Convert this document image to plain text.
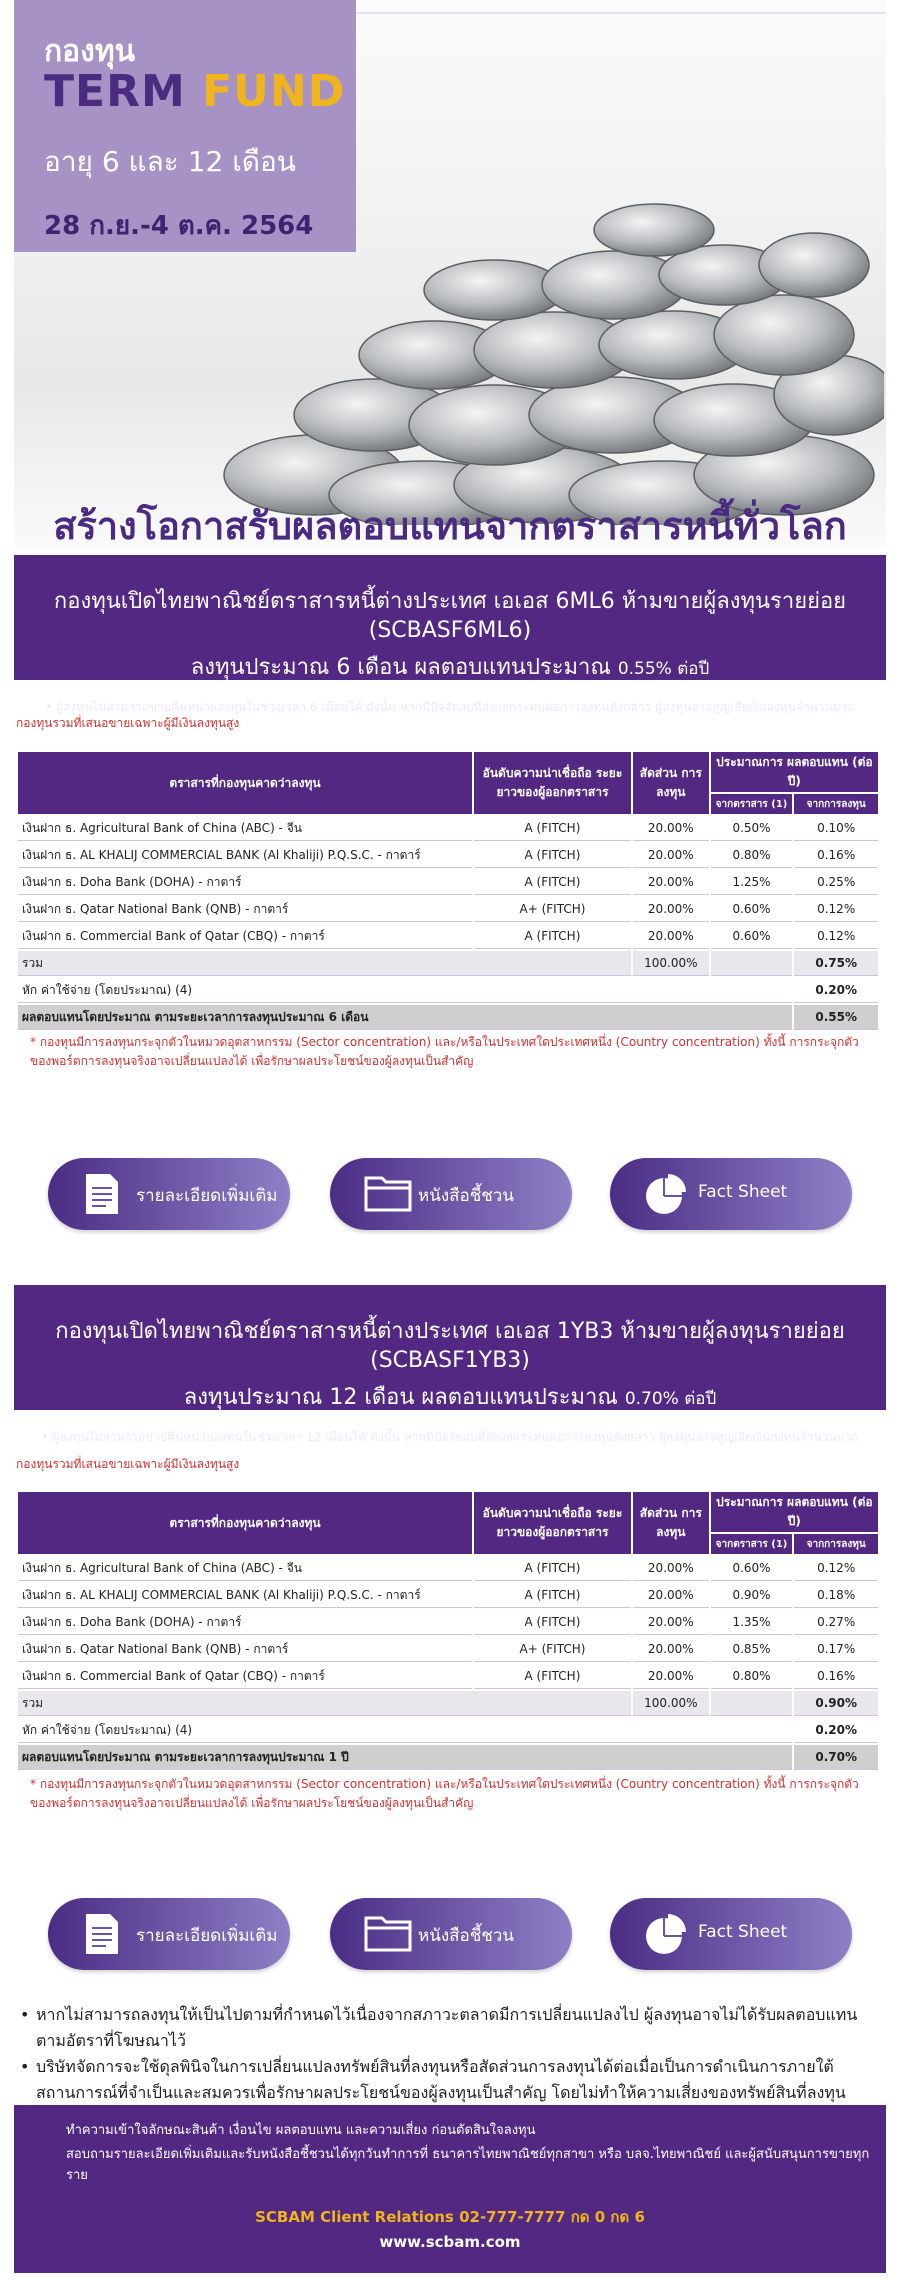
กองทุน
TERM FUND
อายุ 6 และ 12 เดือน
28 ก.ย.-4 ต.ค. 2564
สร้างโอกาสรับผลตอบแทนจากตราสารหนี้ทั่วโลก
กองทุนเปิดไทยพาณิชย์ตราสารหนี้ต่างประเทศ เอเอส 6ML6 ห้ามขายผู้ลงทุนรายย่อย (SCBASF6ML6)
ลงทุนประมาณ 6 เดือน ผลตอบแทนประมาณ 0.55% ต่อปี
• ผู้ลงทุนไม่สามารถขายคืนหน่วยลงทุนในช่วงเวลา 6 เดือนได้ ดังนั้น หากมีปัจจัยลบที่ส่งผลกระทบต่อการลงทุนดังกล่าว ผู้ลงทุนอาจสูญเสียเงินลงทุนจำนวนมาก
กองทุนรวมที่เสนอขายเฉพาะผู้มีเงินลงทุนสูง
ตราสารที่กองทุนคาดว่าลงทุน	อันดับความน่าเชื่อถือ ระยะยาวของผู้ออกตราสาร	สัดส่วน การลงทุน	ประมาณการ ผลตอบแทน (ต่อปี)	
			จากตราสาร (1)	จากการลงทุน
เงินฝาก ธ. Agricultural Bank of China (ABC) - จีน	A (FITCH)	20.00%	0.50%	0.10%
เงินฝาก ธ. AL KHALIJ COMMERCIAL BANK (Al Khaliji) P.Q.S.C. - กาตาร์	A (FITCH)	20.00%	0.80%	0.16%
เงินฝาก ธ. Doha Bank (DOHA) - กาตาร์	A (FITCH)	20.00%	1.25%	0.25%
เงินฝาก ธ. Qatar National Bank (QNB) - กาตาร์	A+ (FITCH)	20.00%	0.60%	0.12%
เงินฝาก ธ. Commercial Bank of Qatar (CBQ) - กาตาร์	A (FITCH)	20.00%	0.60%	0.12%
รวม		100.00%		0.75%
หัก ค่าใช้จ่าย (โดยประมาณ) (4)				0.20%
ผลตอบแทนโดยประมาณ ตามระยะเวลาการลงทุนประมาณ 6 เดือน				0.55%
* กองทุนมีการลงทุนกระจุกตัวในหมวดอุตสาหกรรม (Sector concentration) และ/หรือในประเทศใดประเทศหนึ่ง (Country concentration) ทั้งนี้ การกระจุกตัวของพอร์ตการลงทุนจริงอาจเปลี่ยนแปลงได้ เพื่อรักษาผลประโยชน์ของผู้ลงทุนเป็นสำคัญ
รายละเอียดเพิ่มเติม	หนังสือชี้ชวน	Fact Sheet
กองทุนเปิดไทยพาณิชย์ตราสารหนี้ต่างประเทศ เอเอส 1YB3 ห้ามขายผู้ลงทุนรายย่อย (SCBASF1YB3)
ลงทุนประมาณ 12 เดือน ผลตอบแทนประมาณ 0.70% ต่อปี
• ผู้ลงทุนไม่สามารถขายคืนหน่วยลงทุนในช่วงเวลา 12 เดือนได้ ดังนั้น หากมีปัจจัยลบที่ส่งผลกระทบต่อการลงทุนดังกล่าว ผู้ลงทุนอาจสูญเสียเงินลงทุนจำนวนมาก
กองทุนรวมที่เสนอขายเฉพาะผู้มีเงินลงทุนสูง
ตราสารที่กองทุนคาดว่าลงทุน	อันดับความน่าเชื่อถือ ระยะยาวของผู้ออกตราสาร	สัดส่วน การลงทุน	ประมาณการ ผลตอบแทน (ต่อปี)	
			จากตราสาร (1)	จากการลงทุน
เงินฝาก ธ. Agricultural Bank of China (ABC) - จีน	A (FITCH)	20.00%	0.60%	0.12%
เงินฝาก ธ. AL KHALIJ COMMERCIAL BANK (Al Khaliji) P.Q.S.C. - กาตาร์	A (FITCH)	20.00%	0.90%	0.18%
เงินฝาก ธ. Doha Bank (DOHA) - กาตาร์	A (FITCH)	20.00%	1.35%	0.27%
เงินฝาก ธ. Qatar National Bank (QNB) - กาตาร์	A+ (FITCH)	20.00%	0.85%	0.17%
เงินฝาก ธ. Commercial Bank of Qatar (CBQ) - กาตาร์	A (FITCH)	20.00%	0.80%	0.16%
รวม		100.00%		0.90%
หัก ค่าใช้จ่าย (โดยประมาณ) (4)				0.20%
ผลตอบแทนโดยประมาณ ตามระยะเวลาการลงทุนประมาณ 1 ปี				0.70%
* กองทุนมีการลงทุนกระจุกตัวในหมวดอุตสาหกรรม (Sector concentration) และ/หรือในประเทศใดประเทศหนึ่ง (Country concentration) ทั้งนี้ การกระจุกตัวของพอร์ตการลงทุนจริงอาจเปลี่ยนแปลงได้ เพื่อรักษาผลประโยชน์ของผู้ลงทุนเป็นสำคัญ
รายละเอียดเพิ่มเติม	หนังสือชี้ชวน	Fact Sheet
• หากไม่สามารถลงทุนให้เป็นไปตามที่กำหนดไว้เนื่องจากสภาวะตลาดมีการเปลี่ยนแปลงไป ผู้ลงทุนอาจไม่ได้รับผลตอบแทนตามอัตราที่โฆษณาไว้
• บริษัทจัดการจะใช้ดุลพินิจในการเปลี่ยนแปลงทรัพย์สินที่ลงทุนหรือสัดส่วนการลงทุนได้ต่อเมื่อเป็นการดำเนินการภายใต้สถานการณ์ที่จำเป็นและสมควรเพื่อรักษาผลประโยชน์ของผู้ลงทุนเป็นสำคัญ โดยไม่ทำให้ความเสี่ยงของทรัพย์สินที่ลงทุน
ทำความเข้าใจลักษณะสินค้า เงื่อนไข ผลตอบแทน และความเสี่ยง ก่อนตัดสินใจลงทุน
สอบถามรายละเอียดเพิ่มเติมและรับหนังสือชี้ชวนได้ทุกวันทำการที่ ธนาคารไทยพาณิชย์ทุกสาขา หรือ บลจ.ไทยพาณิชย์ และผู้สนับสนุนการขายทุกราย
SCBAM Client Relations 02-777-7777 กด 0 กด 6
www.scbam.com
